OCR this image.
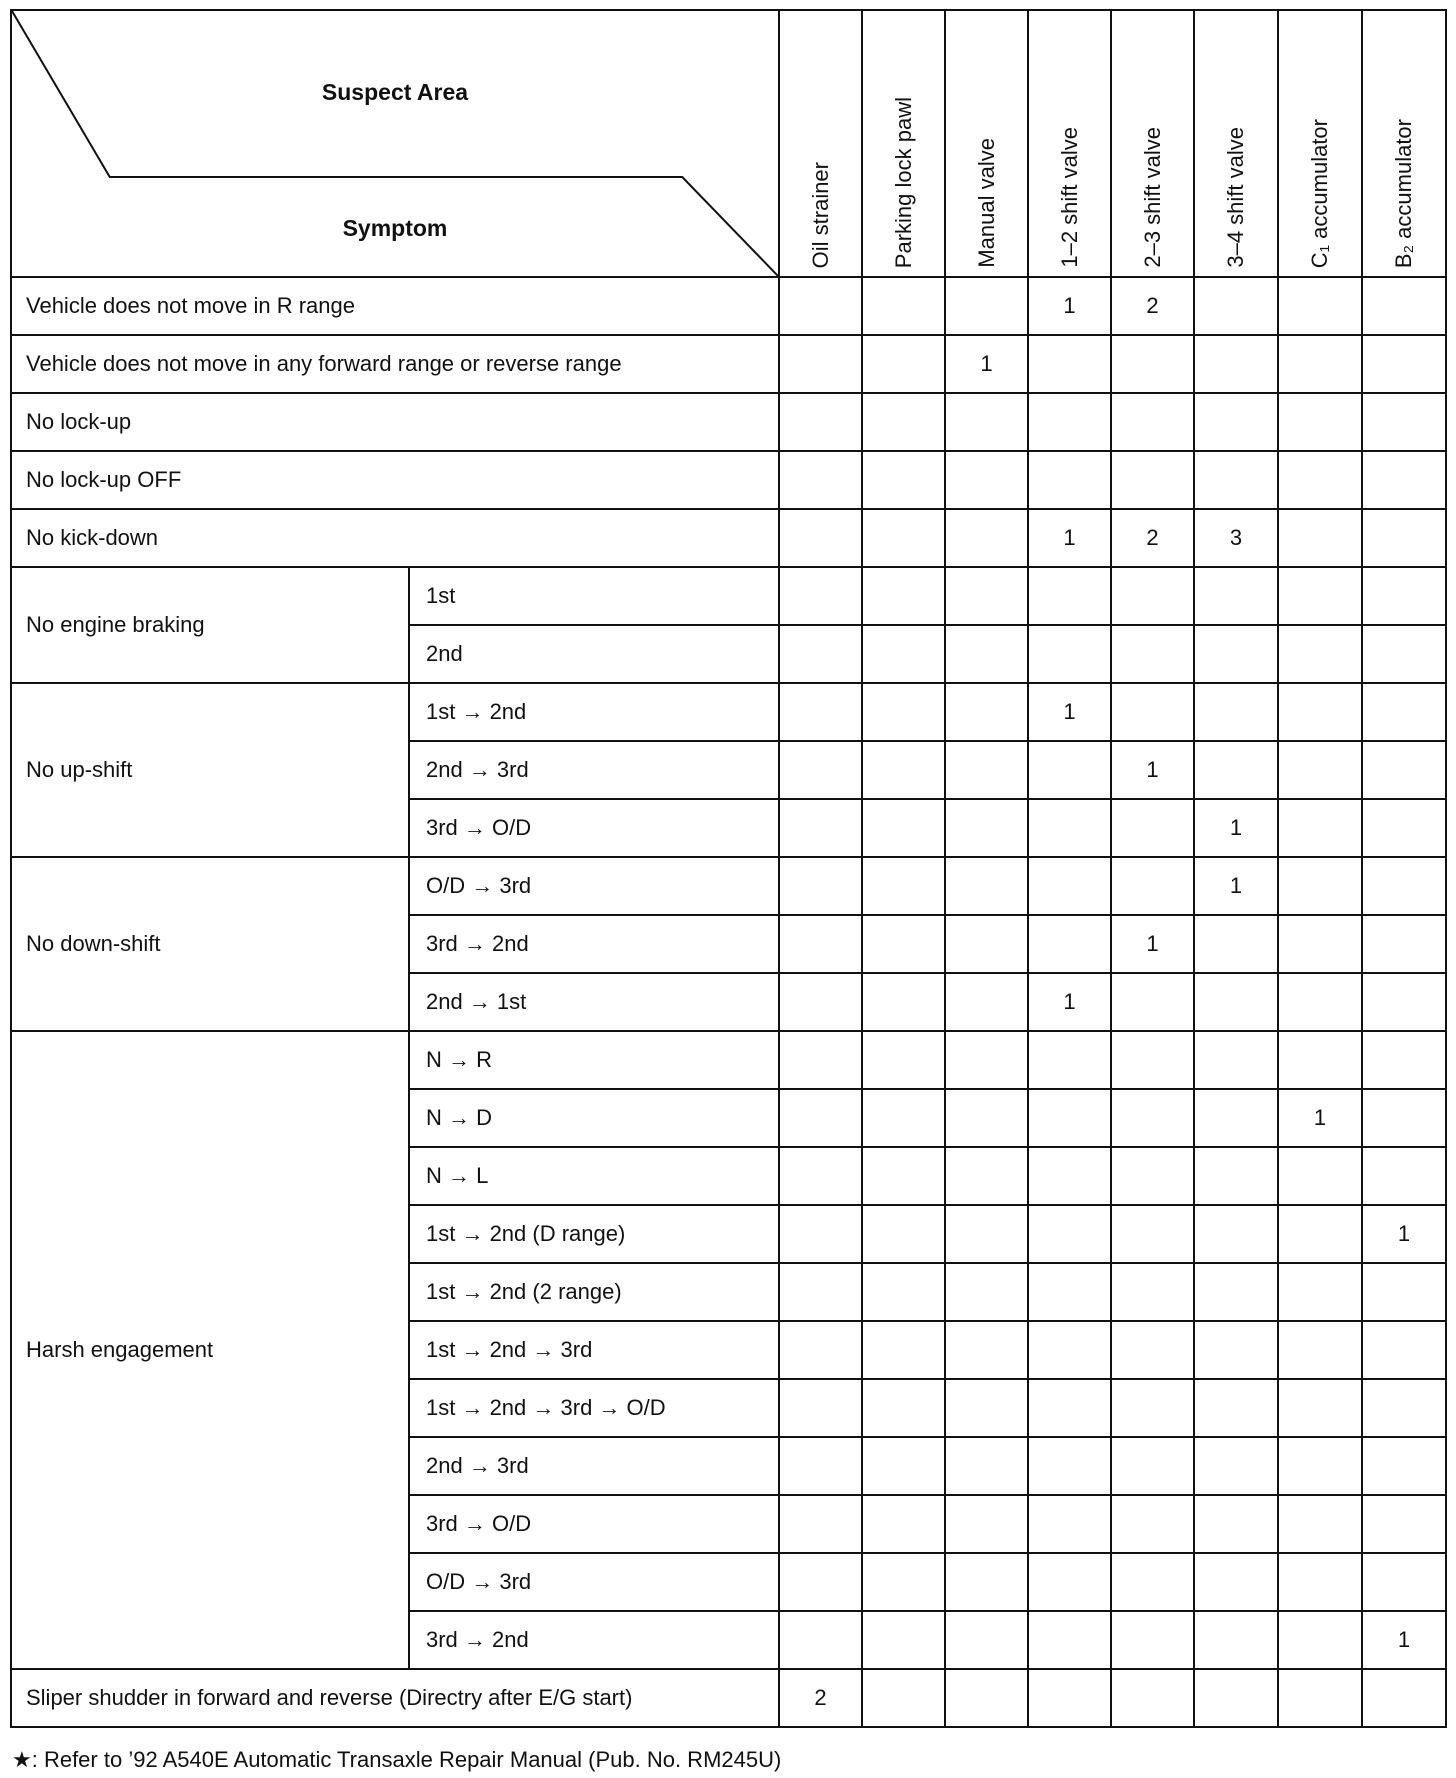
Suspect Area
Symptom		Oil strainer	Parking lock pawl	Manual valve	1–2 shift valve	2–3 shift valve	3–4 shift valve	C₁ accumulator	B₂ accumulator

Vehicle does not move in R range					1	2			
Vehicle does not move in any forward range or reverse range				1					
No lock-up									
No lock-up OFF									
No kick-down					1	2	3		
No engine braking	1st								
	2nd								
No up-shift	1st → 2nd				1				
	2nd → 3rd					1			
	3rd → O/D						1		
No down-shift	O/D → 3rd						1		
	3rd → 2nd					1			
	2nd → 1st				1				
Harsh engagement	N → R								
	N → D							1	
	N → L								
	1st → 2nd (D range)								1
	1st → 2nd (2 range)								
	1st → 2nd → 3rd								
	1st → 2nd → 3rd → O/D								
	2nd → 3rd								
	3rd → O/D								
	O/D → 3rd								
	3rd → 2nd								1
Sliper shudder in forward and reverse (Directry after E/G start)		2							
★: Refer to ’92 A540E Automatic Transaxle Repair Manual (Pub. No. RM245U)
